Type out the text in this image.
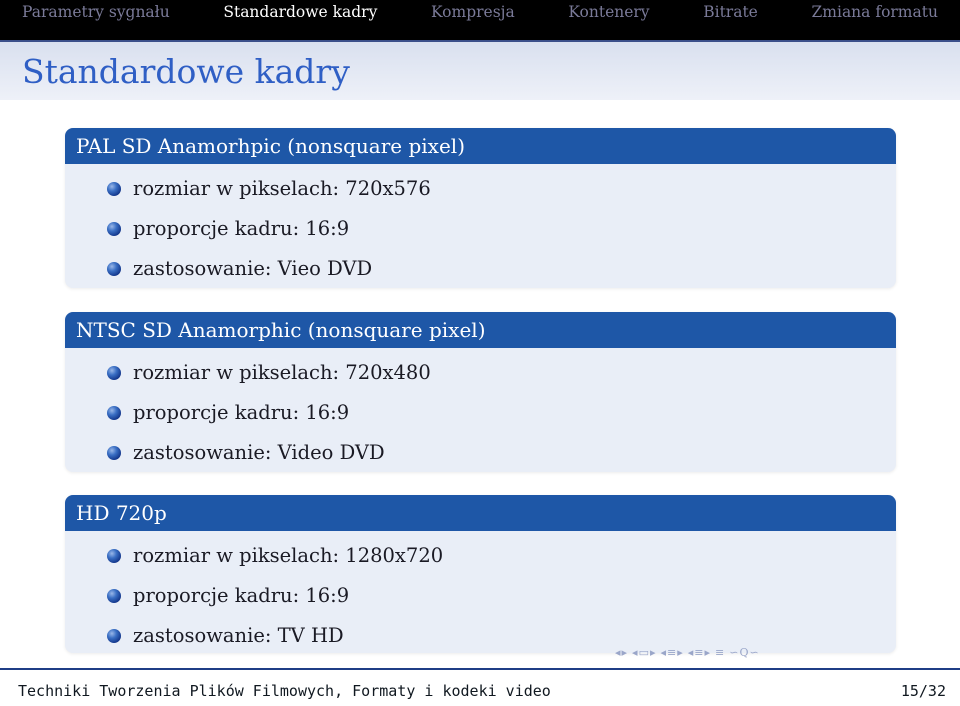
Parametry sygnału	Standardowe kadry	Kompresja	Kontenery	Bitrate	Zmiana formatu
Standardowe kadry
PAL SD Anamorhpic (nonsquare pixel)
rozmiar w pikselach: 720x576
proporcje kadru: 16:9
zastosowanie: Vieo DVD
NTSC SD Anamorphic (nonsquare pixel)
rozmiar w pikselach: 720x480
proporcje kadru: 16:9
zastosowanie: Video DVD
HD 720p
rozmiar w pikselach: 1280x720
proporcje kadru: 16:9
zastosowanie: TV HD
◂▸ ◂▭▸ ◂≡▸ ◂≡▸ ≡ ∽Q∽
Techniki Tworzenia Plików Filmowych, Formaty i kodeki video	15/32
